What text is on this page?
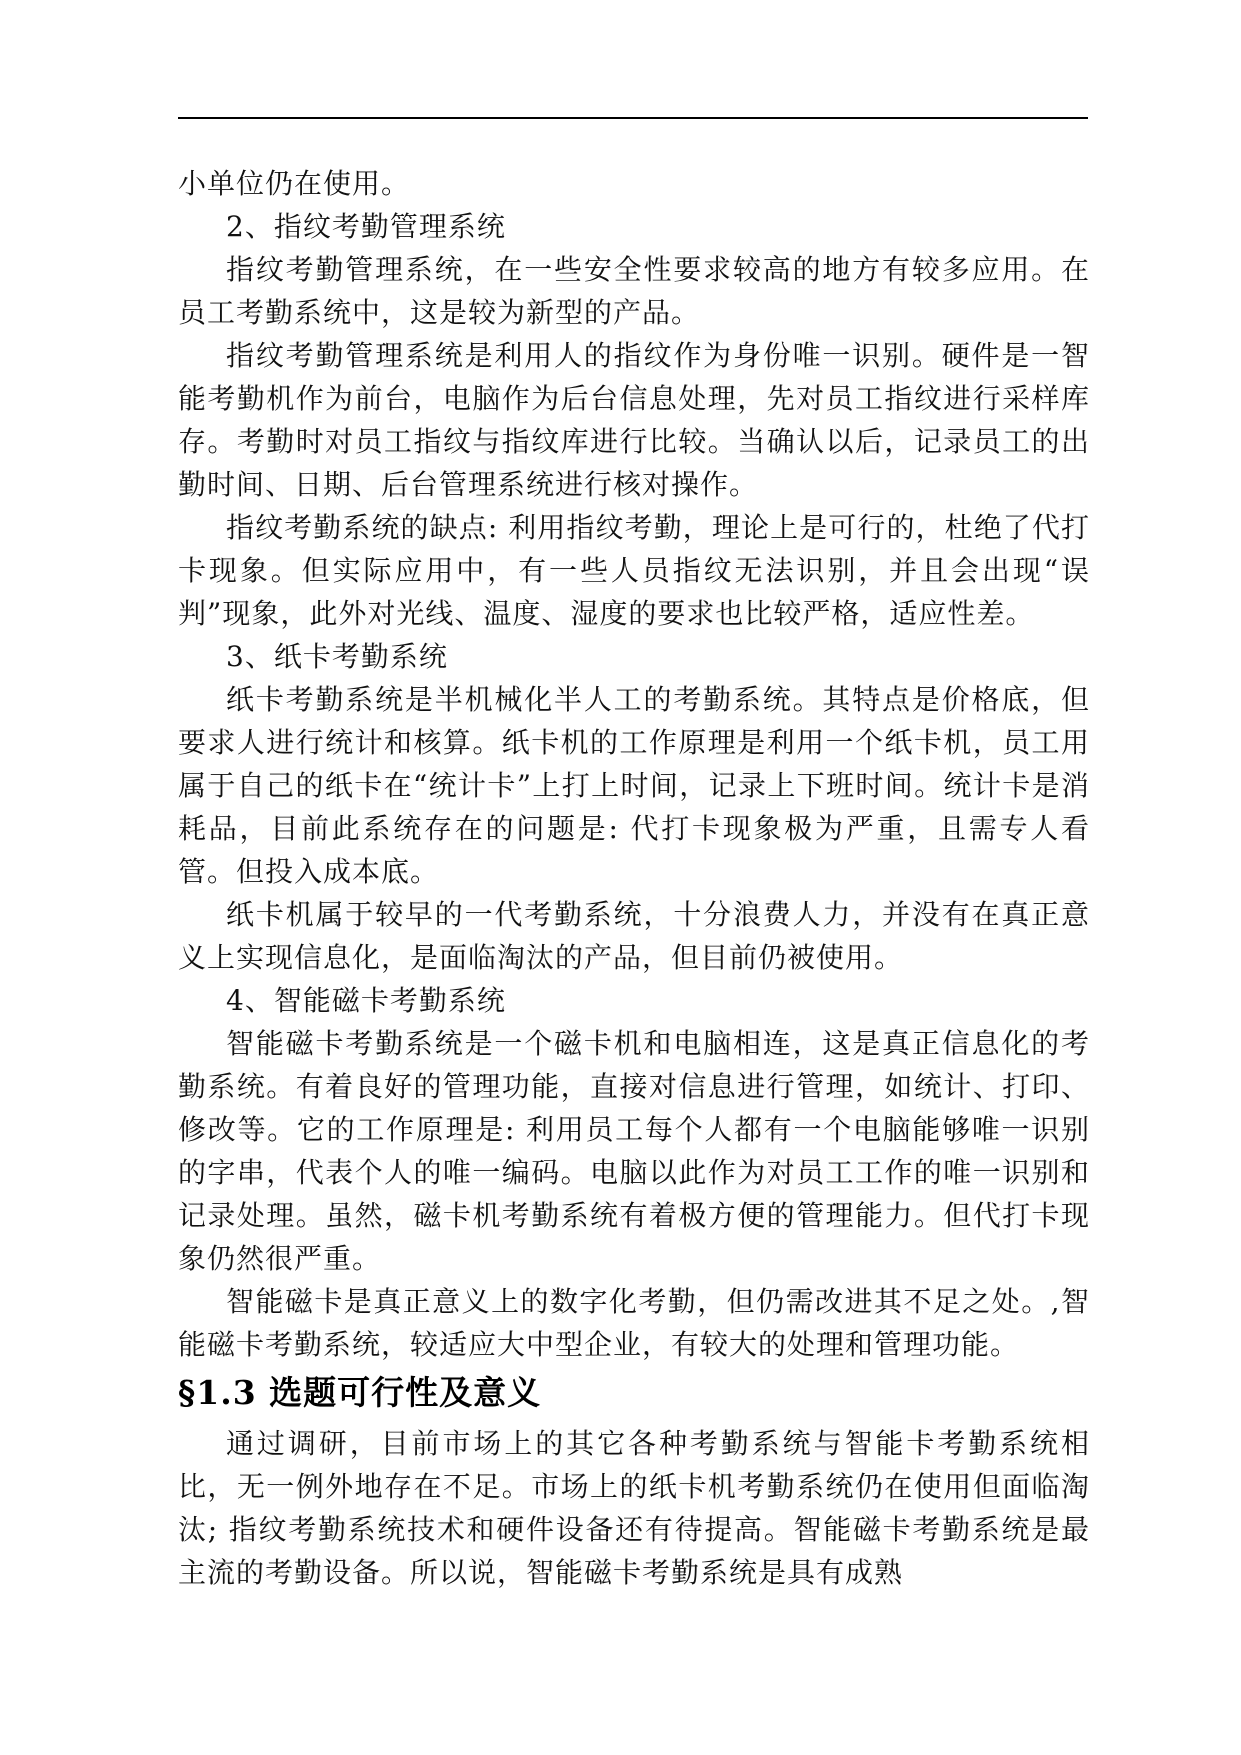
小单位仍在使用。

2、指纹考勤管理系统

指纹考勤管理系统，在一些安全性要求较高的地方有较多应用。在员工考勤系统中，这是较为新型的产品。

指纹考勤管理系统是利用人的指纹作为身份唯一识别。硬件是一智能考勤机作为前台，电脑作为后台信息处理，先对员工指纹进行采样库存。考勤时对员工指纹与指纹库进行比较。当确认以后，记录员工的出勤时间、日期、后台管理系统进行核对操作。

指纹考勤系统的缺点: 利用指纹考勤，理论上是可行的，杜绝了代打卡现象。但实际应用中，有一些人员指纹无法识别，并且会出现“误判”现象，此外对光线、温度、湿度的要求也比较严格，适应性差。

3、纸卡考勤系统

纸卡考勤系统是半机械化半人工的考勤系统。其特点是价格底，但要求人进行统计和核算。纸卡机的工作原理是利用一个纸卡机，员工用属于自己的纸卡在“统计卡”上打上时间，记录上下班时间。统计卡是消耗品，目前此系统存在的问题是: 代打卡现象极为严重，且需专人看管。但投入成本底。

纸卡机属于较早的一代考勤系统，十分浪费人力，并没有在真正意义上实现信息化，是面临淘汰的产品，但目前仍被使用。

4、智能磁卡考勤系统

智能磁卡考勤系统是一个磁卡机和电脑相连，这是真正信息化的考勤系统。有着良好的管理功能，直接对信息进行管理，如统计、打印、修改等。它的工作原理是: 利用员工每个人都有一个电脑能够唯一识别的字串，代表个人的唯一编码。电脑以此作为对员工工作的唯一识别和记录处理。虽然，磁卡机考勤系统有着极方便的管理能力。但代打卡现象仍然很严重。

智能磁卡是真正意义上的数字化考勤，但仍需改进其不足之处。,智能磁卡考勤系统，较适应大中型企业，有较大的处理和管理功能。

§1.3 选题可行性及意义

通过调研，目前市场上的其它各种考勤系统与智能卡考勤系统相比，无一例外地存在不足。市场上的纸卡机考勤系统仍在使用但面临淘汰; 指纹考勤系统技术和硬件设备还有待提高。智能磁卡考勤系统是最主流的考勤设备。所以说，智能磁卡考勤系统是具有成熟
